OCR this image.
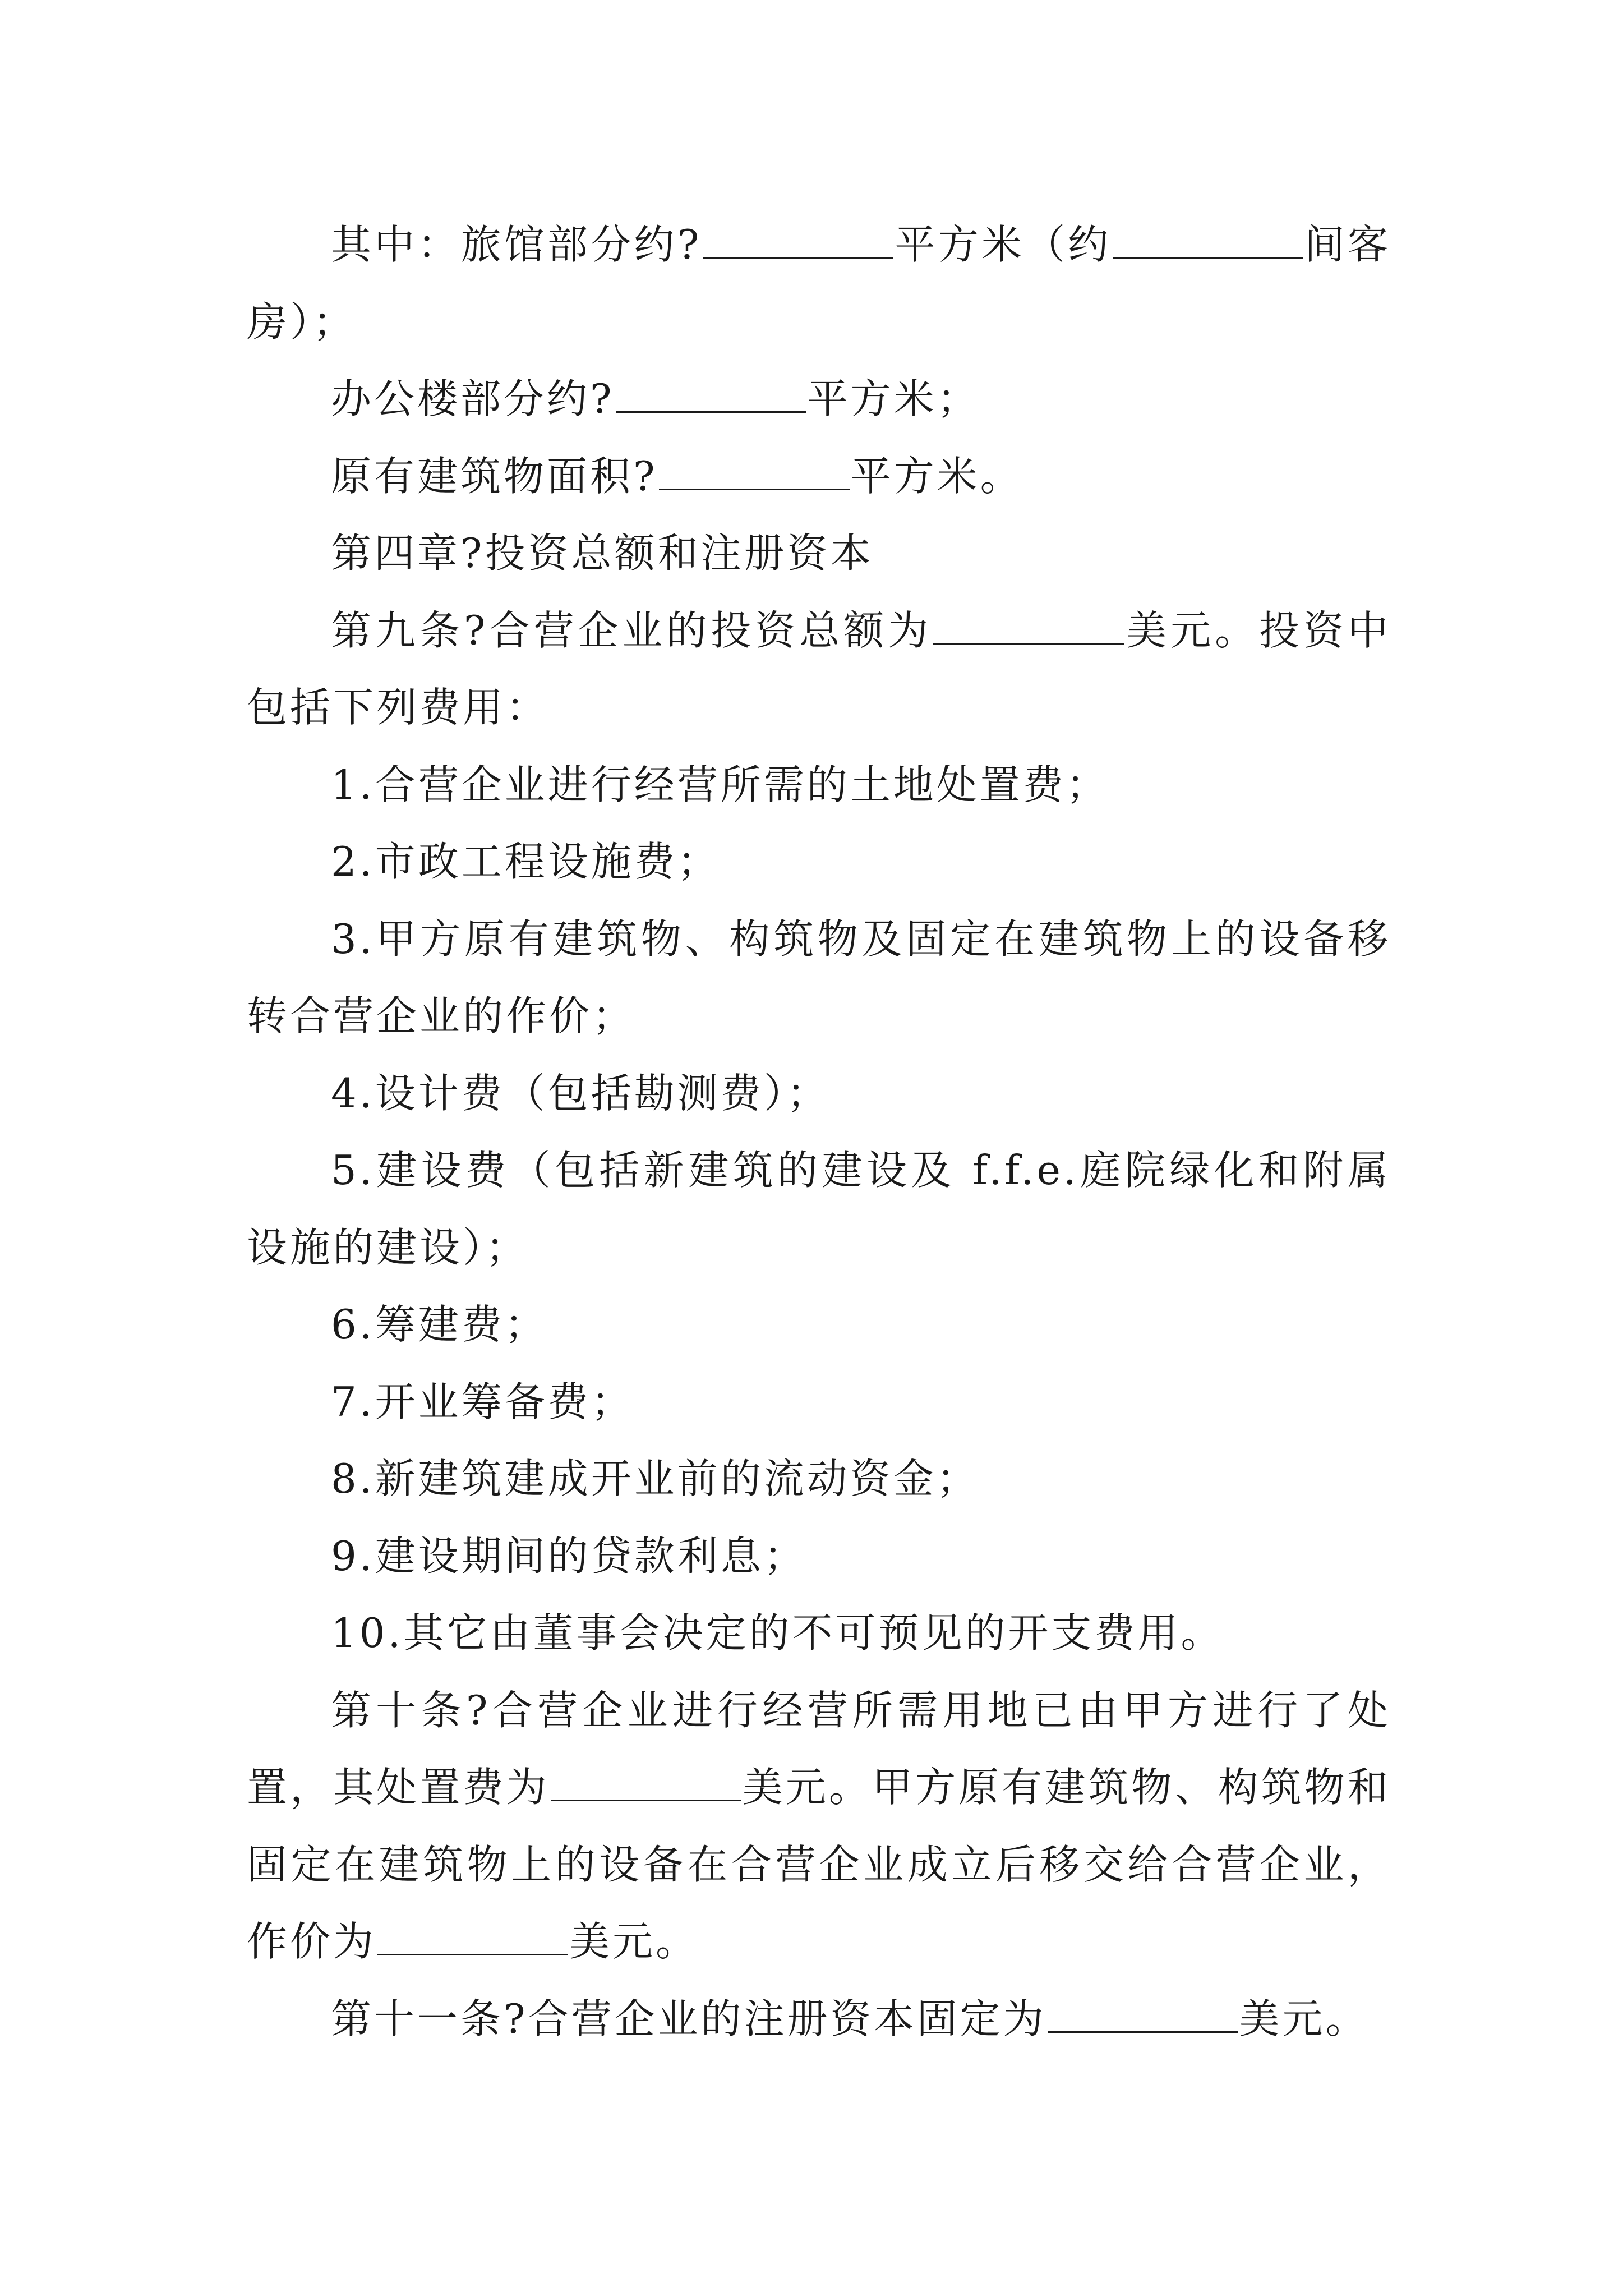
其中：旅馆部分约?	平方米（约	间客房）；

办公楼部分约?	平方米；

原有建筑物面积?	平方米。

第四章?投资总额和注册资本

第九条?合营企业的投资总额为	美元。投资中包括下列费用：

1.合营企业进行经营所需的土地处置费；

2.市政工程设施费；

3.甲方原有建筑物、构筑物及固定在建筑物上的设备移转合营企业的作价；

4.设计费（包括勘测费）；

5.建设费（包括新建筑的建设及 f.f.e.庭院绿化和附属设施的建设）；

6.筹建费；

7.开业筹备费；

8.新建筑建成开业前的流动资金；

9.建设期间的贷款利息；

10.其它由董事会决定的不可预见的开支费用。

第十条?合营企业进行经营所需用地已由甲方进行了处置，其处置费为	美元。甲方原有建筑物、构筑物和固定在建筑物上的设备在合营企业成立后移交给合营企业，作价为	美元。

第十一条?合营企业的注册资本固定为	美元。
